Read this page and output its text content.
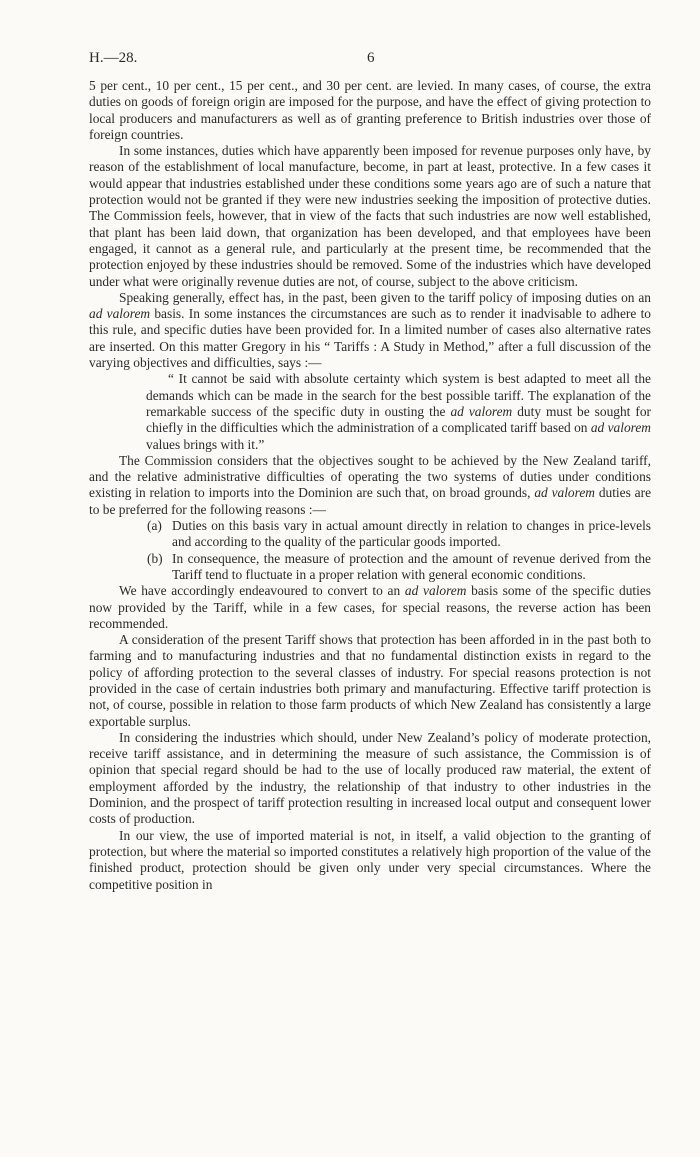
H.—28.	6

5 per cent., 10 per cent., 15 per cent., and 30 per cent. are levied. In many cases, of course, the extra duties on goods of foreign origin are imposed for the purpose, and have the effect of giving protection to local producers and manufacturers as well as of granting preference to British industries over those of foreign countries.

In some instances, duties which have apparently been imposed for revenue purposes only have, by reason of the establishment of local manufacture, become, in part at least, protective. In a few cases it would appear that industries established under these conditions some years ago are of such a nature that protection would not be granted if they were new industries seeking the imposition of protective duties. The Commission feels, however, that in view of the facts that such industries are now well established, that plant has been laid down, that organization has been developed, and that employees have been engaged, it cannot as a general rule, and particularly at the present time, be recommended that the protection enjoyed by these industries should be removed. Some of the industries which have developed under what were originally revenue duties are not, of course, subject to the above criticism.

Speaking generally, effect has, in the past, been given to the tariff policy of imposing duties on an ad valorem basis. In some instances the circumstances are such as to render it inadvisable to adhere to this rule, and specific duties have been provided for. In a limited number of cases also alternative rates are inserted. On this matter Gregory in his “ Tariffs : A Study in Method,” after a full discussion of the varying objectives and difficulties, says :—

“ It cannot be said with absolute certainty which system is best adapted to meet all the demands which can be made in the search for the best possible tariff. The explanation of the remarkable success of the specific duty in ousting the ad valorem duty must be sought for chiefly in the difficulties which the administration of a complicated tariff based on ad valorem values brings with it.”

The Commission considers that the objectives sought to be achieved by the New Zealand tariff, and the relative administrative difficulties of operating the two systems of duties under conditions existing in relation to imports into the Dominion are such that, on broad grounds, ad valorem duties are to be preferred for the following reasons :—

(a) Duties on this basis vary in actual amount directly in relation to changes in price-levels and according to the quality of the particular goods imported.
(b) In consequence, the measure of protection and the amount of revenue derived from the Tariff tend to fluctuate in a proper relation with general economic conditions.

We have accordingly endeavoured to convert to an ad valorem basis some of the specific duties now provided by the Tariff, while in a few cases, for special reasons, the reverse action has been recommended.

A consideration of the present Tariff shows that protection has been afforded in in the past both to farming and to manufacturing industries and that no fundamental distinction exists in regard to the policy of affording protection to the several classes of industry. For special reasons protection is not provided in the case of certain industries both primary and manufacturing. Effective tariff protection is not, of course, possible in relation to those farm products of which New Zealand has consistently a large exportable surplus.

In considering the industries which should, under New Zealand’s policy of moderate protection, receive tariff assistance, and in determining the measure of such assistance, the Commission is of opinion that special regard should be had to the use of locally produced raw material, the extent of employment afforded by the industry, the relationship of that industry to other industries in the Dominion, and the prospect of tariff protection resulting in increased local output and consequent lower costs of production.

In our view, the use of imported material is not, in itself, a valid objection to the granting of protection, but where the material so imported constitutes a relatively high proportion of the value of the finished product, protection should be given only under very special circumstances. Where the competitive position in
